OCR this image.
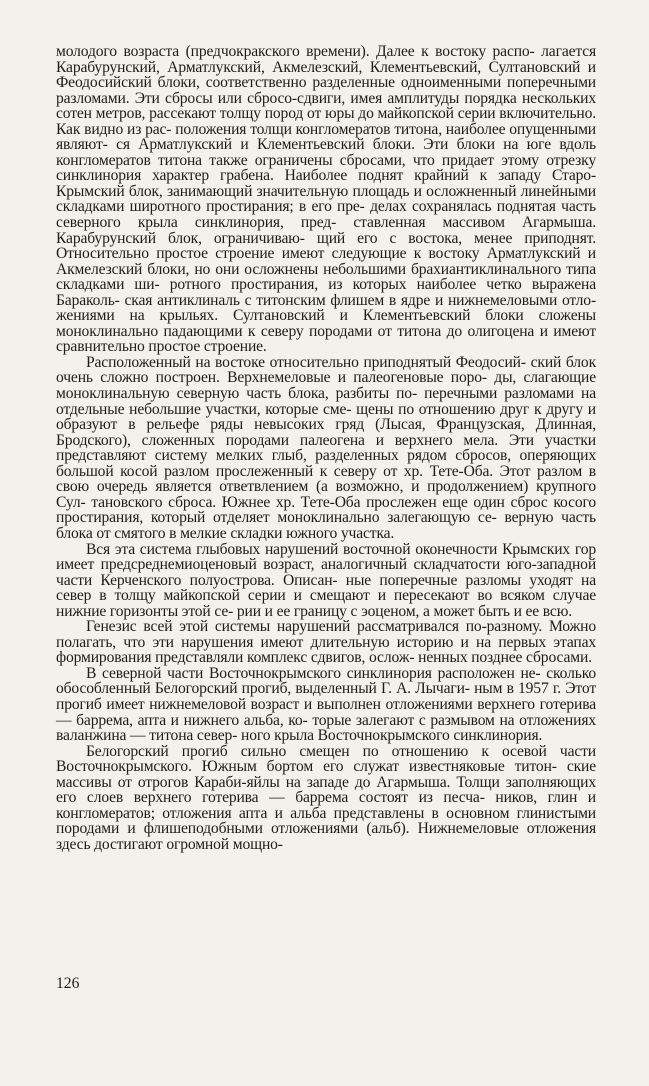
молодого возраста (предчокракского времени). Далее к востоку распо- лагается Карабурунский, Арматлукский, Акмелезский, Клементьевский, Султановский и Феодосийский блоки, соответственно разделенные одноименными поперечными разломами. Эти сбросы или сбросо-сдвиги, имея амплитуды порядка нескольких сотен метров, рассекают толщу пород от юры до майкопской серии включительно. Как видно из рас- положения толщи конгломератов титона, наиболее опущенными являют- ся Арматлукский и Клементьевский блоки. Эти блоки на юге вдоль конгломератов титона также ограничены сбросами, что придает этому отрезку синклинория характер грабена. Наиболее поднят крайний к западу Старо-Крымский блок, занимающий значительную площадь и осложненный линейными складками широтного простирания; в его пре- делах сохранялась поднятая часть северного крыла синклинория, пред- ставленная массивом Агармыша. Карабурунский блок, ограничиваю- щий его с востока, менее приподнят. Относительно простое строение имеют следующие к востоку Арматлукский и Акмелезский блоки, но они осложнены небольшими брахиантиклинального типа складками ши- ротного простирания, из которых наиболее четко выражена Бараколь- ская антиклиналь с титонским флишем в ядре и нижнемеловыми отло- жениями на крыльях. Султановский и Клементьевский блоки сложены моноклинально падающими к северу породами от титона до олигоцена и имеют сравнительно простое строение.
Расположенный на востоке относительно приподнятый Феодосий- ский блок очень сложно построен. Верхнемеловые и палеогеновые поро- ды, слагающие моноклинальную северную часть блока, разбиты по- перечными разломами на отдельные небольшие участки, которые сме- щены по отношению друг к другу и образуют в рельефе ряды невысоких гряд (Лысая, Французская, Длинная, Бродского), сложенных породами палеогена и верхнего мела. Эти участки представляют систему мелких глыб, разделенных рядом сбросов, оперяющих большой косой разлом прослеженный к северу от хр. Тете-Оба. Этот разлом в свою очередь является ответвлением (а возможно, и продолжением) крупного Сул- тановского сброса. Южнее хр. Тете-Оба прослежен еще один сброс косого простирания, который отделяет моноклинально залегающую се- верную часть блока от смятого в мелкие складки южного участка.
Вся эта система глыбовых нарушений восточной оконечности Крымских гор имеет предсреднемиоценовый возраст, аналогичный складчатости юго-западной части Керченского полуострова. Описан- ные поперечные разломы уходят на север в толщу майкопской серии и смещают и пересекают во всяком случае нижние горизонты этой се- рии и ее границу с эоценом, а может быть и ее всю.
Генезис всей этой системы нарушений рассматривался по-разному. Можно полагать, что эти нарушения имеют длительную историю и на первых этапах формирования представляли комплекс сдвигов, ослож- ненных позднее сбросами.
В северной части Восточнокрымского синклинория расположен не- сколько обособленный Белогорский прогиб, выделенный Г. А. Лычаги- ным в 1957 г. Этот прогиб имеет нижнемеловой возраст и выполнен отложениями верхнего готерива — баррема, апта и нижнего альба, ко- торые залегают с размывом на отложениях валанжина — титона север- ного крыла Восточнокрымского синклинория.
Белогорский прогиб сильно смещен по отношению к осевой части Восточнокрымского. Южным бортом его служат известняковые титон- ские массивы от отрогов Караби-яйлы на западе до Агармыша. Толщи заполняющих его слоев верхнего готерива — баррема состоят из песча- ников, глин и конгломератов; отложения апта и альба представлены в основном глинистыми породами и флишеподобными отложениями (альб). Нижнемеловые отложения здесь достигают огромной мощно-
126
